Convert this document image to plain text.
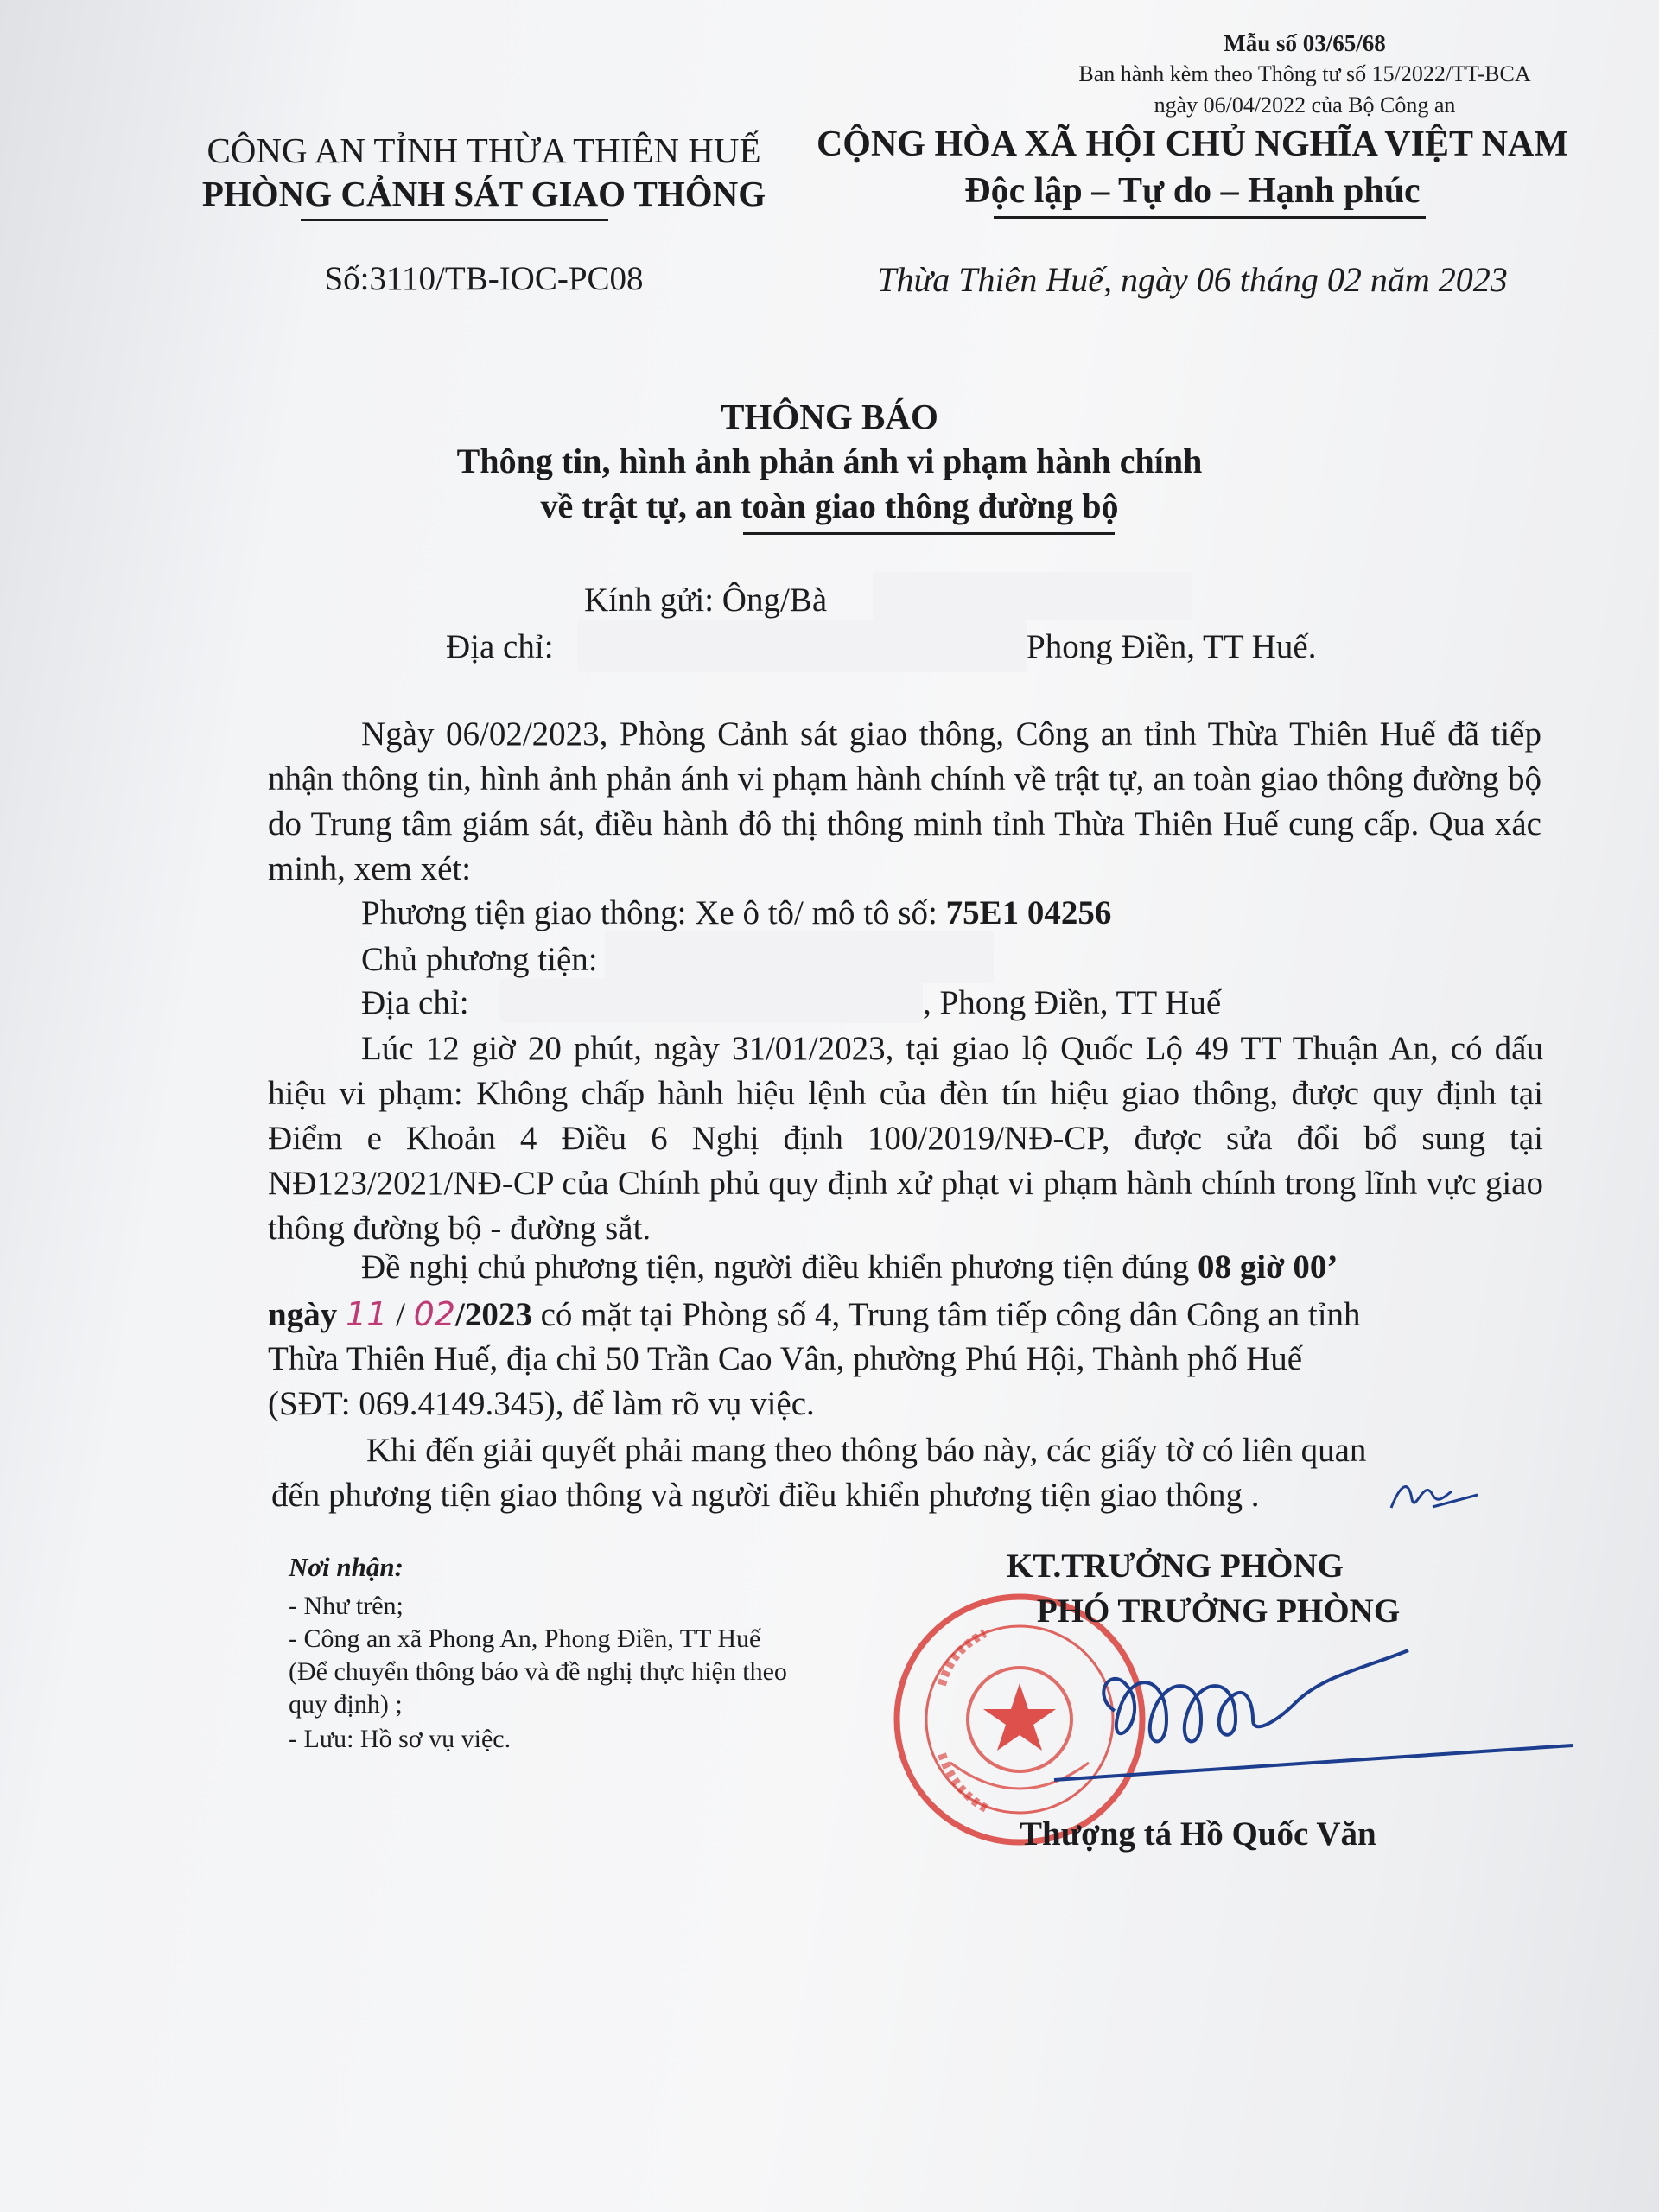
Mẫu số 03/65/68
Ban hành kèm theo Thông tư số 15/2022/TT-BCA
ngày 06/04/2022 của Bộ Công an
CÔNG AN TỈNH THỪA THIÊN HUẾ
PHÒNG CẢNH SÁT GIAO THÔNG
Số:3110/TB-IOC-PC08
CỘNG HÒA XÃ HỘI CHỦ NGHĨA VIỆT NAM
Độc lập – Tự do – Hạnh phúc
Thừa Thiên Huế, ngày 06 tháng 02 năm 2023
THÔNG BÁO
Thông tin, hình ảnh phản ánh vi phạm hành chính
về trật tự, an toàn giao thông đường bộ
Kính gửi: Ông/Bà
Địa chỉ:	Phong Điền, TT Huế.
Ngày 06/02/2023, Phòng Cảnh sát giao thông, Công an tỉnh Thừa Thiên Huế đã tiếp nhận thông tin, hình ảnh phản ánh vi phạm hành chính về trật tự, an toàn giao thông đường bộ do Trung tâm giám sát, điều hành đô thị thông minh tỉnh Thừa Thiên Huế cung cấp. Qua xác minh, xem xét:
Phương tiện giao thông: Xe ô tô/ mô tô số: 75E1 04256
Chủ phương tiện:
Địa chỉ:	, Phong Điền, TT Huế
Lúc 12 giờ 20 phút, ngày 31/01/2023, tại giao lộ Quốc Lộ 49 TT Thuận An, có dấu hiệu vi phạm: Không chấp hành hiệu lệnh của đèn tín hiệu giao thông, được quy định tại Điểm e Khoản 4 Điều 6 Nghị định 100/2019/NĐ-CP, được sửa đổi bổ sung tại NĐ123/2021/NĐ-CP của Chính phủ quy định xử phạt vi phạm hành chính trong lĩnh vực giao thông đường bộ - đường sắt.
Đề nghị chủ phương tiện, người điều khiển phương tiện đúng 08 giờ 00’
ngày 11 / 02/2023 có mặt tại Phòng số 4, Trung tâm tiếp công dân Công an tỉnh
Thừa Thiên Huế, địa chỉ 50 Trần Cao Vân, phường Phú Hội, Thành phố Huế
(SĐT: 069.4149.345), để làm rõ vụ việc.
Khi đến giải quyết phải mang theo thông báo này, các giấy tờ có liên quan
đến phương tiện giao thông và người điều khiển phương tiện giao thông .
Nơi nhận:
- Như trên;
- Công an xã Phong An, Phong Điền, TT Huế
(Để chuyển thông báo và đề nghị thực hiện theo
quy định) ;
- Lưu: Hồ sơ vụ việc.
KT.TRƯỞNG PHÒNG
PHÓ TRƯỞNG PHÒNG
Thượng tá Hồ Quốc Văn
